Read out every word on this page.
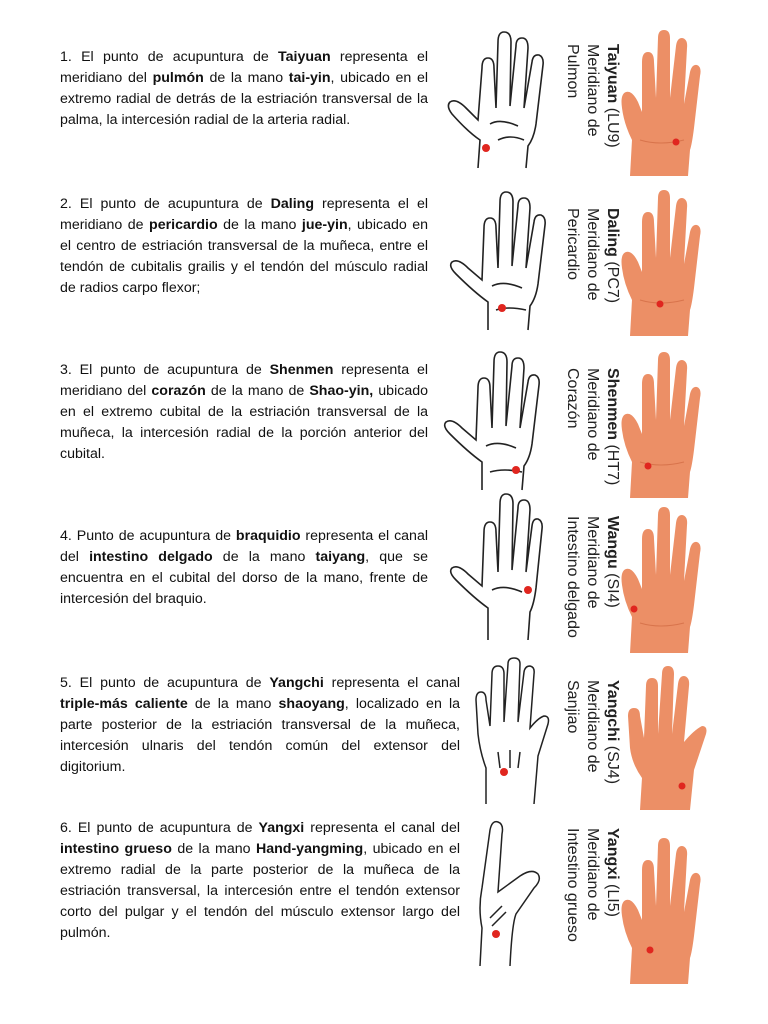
1. El punto de acupuntura de Taiyuan representa el meridiano del pulmón de la mano tai-yin, ubicado en el extremo radial de detrás de la estriación transversal de la palma, la intercesión radial de la arteria radial.
Taiyuan (LU9)
Meridiano de
Pulmon
2. El punto de acupuntura de Daling representa el el meridiano de pericardio de la mano jue-yin, ubicado en el centro de estriación transversal de la muñeca, entre el tendón de cubitalis grailis y el tendón del músculo radial de radios carpo flexor;
Daling (PC7)
Meridiano de
Pericardio
3. El punto de acupuntura de Shenmen representa el meridiano del corazón de la mano de Shao-yin, ubicado en el extremo cubital de la estriación transversal de la muñeca, la intercesión radial de la porción anterior del cubital.
Shenmen (HT7)
Meridiano de
Corazón
4. Punto de acupuntura de braquidio representa el canal del intestino delgado de la mano taiyang, que se encuentra en el cubital del dorso de la mano, frente de intercesión del braquio.
Wangu (SI4)
Meridiano de
Intestino delgado
5. El punto de acupuntura de Yangchi representa el canal triple-más caliente de la mano shaoyang, localizado en la parte posterior de la estriación transversal de la muñeca, intercesión ulnaris del tendón común del extensor del digitorium.
Yangchi (SJ4)
Meridiano de
Sanjiao
6. El punto de acupuntura de Yangxi representa el canal del intestino grueso de la mano Hand-yangming, ubicado en el extremo radial de la parte posterior de la muñeca de la estriación transversal, la intercesión entre el tendón extensor corto del pulgar y el tendón del músculo extensor largo del pulmón.
Yangxi (LI5)
Meridiano de
Intestino grueso
